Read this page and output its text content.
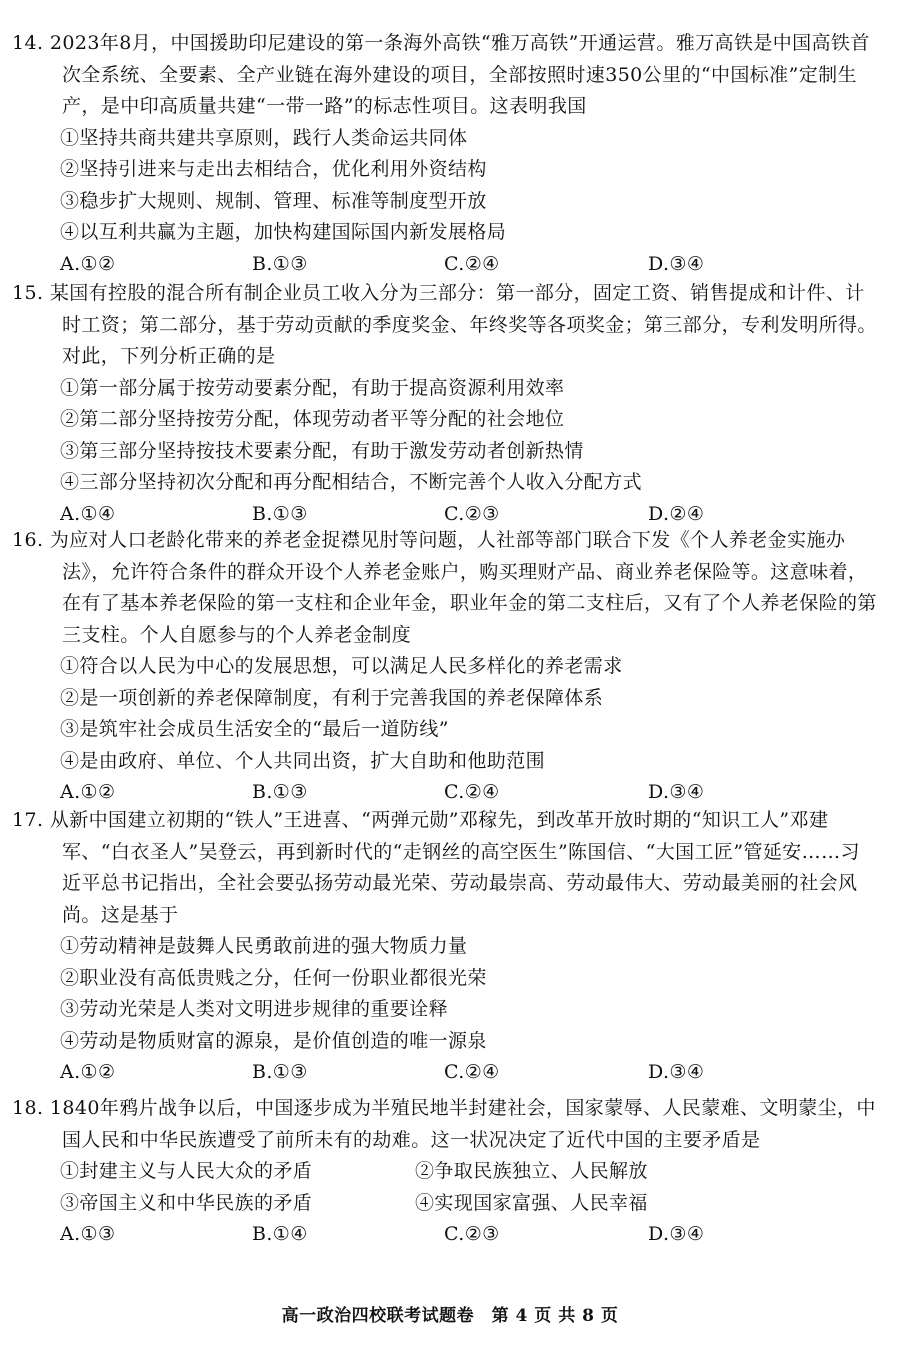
14. 2023年8月，中国援助印尼建设的第一条海外高铁“雅万高铁”开通运营。雅万高铁是中国高铁首次全系统、全要素、全产业链在海外建设的项目，全部按照时速350公里的“中国标准”定制生产，是中印高质量共建“一带一路”的标志性项目。这表明我国

①坚持共商共建共享原则，践行人类命运共同体
②坚持引进来与走出去相结合，优化利用外资结构
③稳步扩大规则、规制、管理、标准等制度型开放
④以互利共赢为主题，加快构建国际国内新发展格局
A.①②	B.①③	C.②④	D.③④

15. 某国有控股的混合所有制企业员工收入分为三部分：第一部分，固定工资、销售提成和计件、计时工资；第二部分，基于劳动贡献的季度奖金、年终奖等各项奖金；第三部分，专利发明所得。对此，下列分析正确的是

①第一部分属于按劳动要素分配，有助于提高资源利用效率
②第二部分坚持按劳分配，体现劳动者平等分配的社会地位
③第三部分坚持按技术要素分配，有助于激发劳动者创新热情
④三部分坚持初次分配和再分配相结合，不断完善个人收入分配方式
A.①④	B.①③	C.②③	D.②④

16. 为应对人口老龄化带来的养老金捉襟见肘等问题，人社部等部门联合下发《个人养老金实施办法》，允许符合条件的群众开设个人养老金账户，购买理财产品、商业养老保险等。这意味着，在有了基本养老保险的第一支柱和企业年金，职业年金的第二支柱后，又有了个人养老保险的第三支柱。个人自愿参与的个人养老金制度

①符合以人民为中心的发展思想，可以满足人民多样化的养老需求
②是一项创新的养老保障制度，有利于完善我国的养老保障体系
③是筑牢社会成员生活安全的“最后一道防线”
④是由政府、单位、个人共同出资，扩大自助和他助范围
A.①②	B.①③	C.②④	D.③④

17. 从新中国建立初期的“铁人”王进喜、“两弹元勋”邓稼先，到改革开放时期的“知识工人”邓建军、“白衣圣人”吴登云，再到新时代的“走钢丝的高空医生”陈国信、“大国工匠”管延安……习近平总书记指出，全社会要弘扬劳动最光荣、劳动最崇高、劳动最伟大、劳动最美丽的社会风尚。这是基于

①劳动精神是鼓舞人民勇敢前进的强大物质力量
②职业没有高低贵贱之分，任何一份职业都很光荣
③劳动光荣是人类对文明进步规律的重要诠释
④劳动是物质财富的源泉，是价值创造的唯一源泉
A.①②	B.①③	C.②④	D.③④

18. 1840年鸦片战争以后，中国逐步成为半殖民地半封建社会，国家蒙辱、人民蒙难、文明蒙尘，中国人民和中华民族遭受了前所未有的劫难。这一状况决定了近代中国的主要矛盾是

①封建主义与人民大众的矛盾	②争取民族独立、人民解放
③帝国主义和中华民族的矛盾	④实现国家富强、人民幸福
A.①③	B.①④	C.②③	D.③④
高一政治四校联考试题卷　第 4 页 共 8 页
